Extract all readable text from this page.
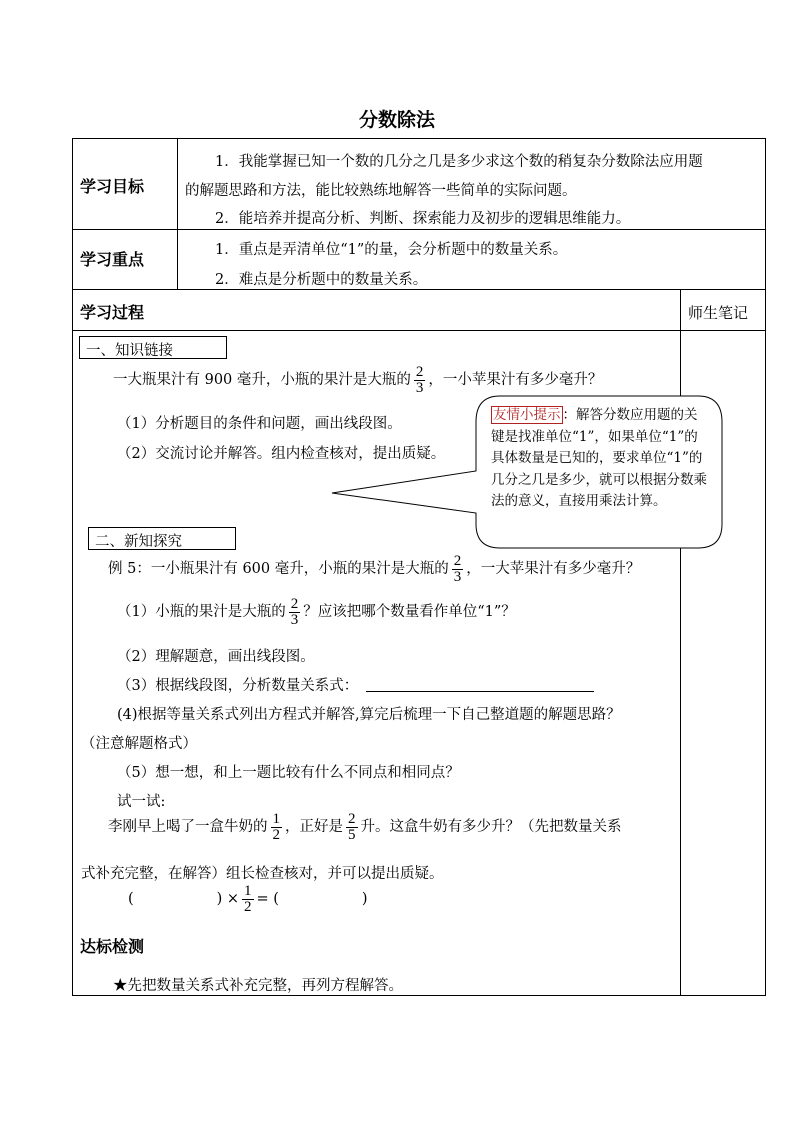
分数除法
学习目标
1．我能掌握已知一个数的几分之几是多少求这个数的稍复杂分数除法应用题
的解题思路和方法，能比较熟练地解答一些简单的实际问题。
2．能培养并提高分析、判断、探索能力及初步的逻辑思维能力。
学习重点	1．重点是弄清单位“1”的量，会分析题中的数量关系。
2．难点是分析题中的数量关系。
学习过程	师生笔记
一、知识链接
一大瓶果汁有 900 毫升，小瓶的果汁是大瓶的 $\frac{2}{3}$ ，一小苹果汁有多少毫升？
（1）分析题目的条件和问题，画出线段图。
（2）交流讨论并解答。组内检查核对，提出质疑。
友情小提示 ：解答分数应用题的关键是找准单位“1”，如果单位“1”的具体数量是已知的，要求单位“1”的几分之几是多少，就可以根据分数乘法的意义，直接用乘法计算。
二、新知探究
例 5：一小瓶果汁有 600 毫升，小瓶的果汁是大瓶的 $\frac{2}{3}$ ，一大苹果汁有多少毫升？
（1）小瓶的果汁是大瓶的 $\frac{2}{3}$ ？应该把哪个数量看作单位“1”？
（2）理解题意，画出线段图。
（3）根据线段图，分析数量关系式：
(4)根据等量关系式列出方程式并解答,算完后梳理一下自己整道题的解题思路？
（注意解题格式）
（5）想一想，和上一题比较有什么不同点和相同点？
试一试:
李刚早上喝了一盒牛奶的 $\frac{1}{2}$ ，正好是 $\frac{2}{5}$ 升。这盒牛奶有多少升？（先把数量关系
式补充完整，在解答）组长检查核对，并可以提出质疑。
(                  ) × $\frac{1}{2}$ = (                  )
达标检测
★先把数量关系式补充完整，再列方程解答。
